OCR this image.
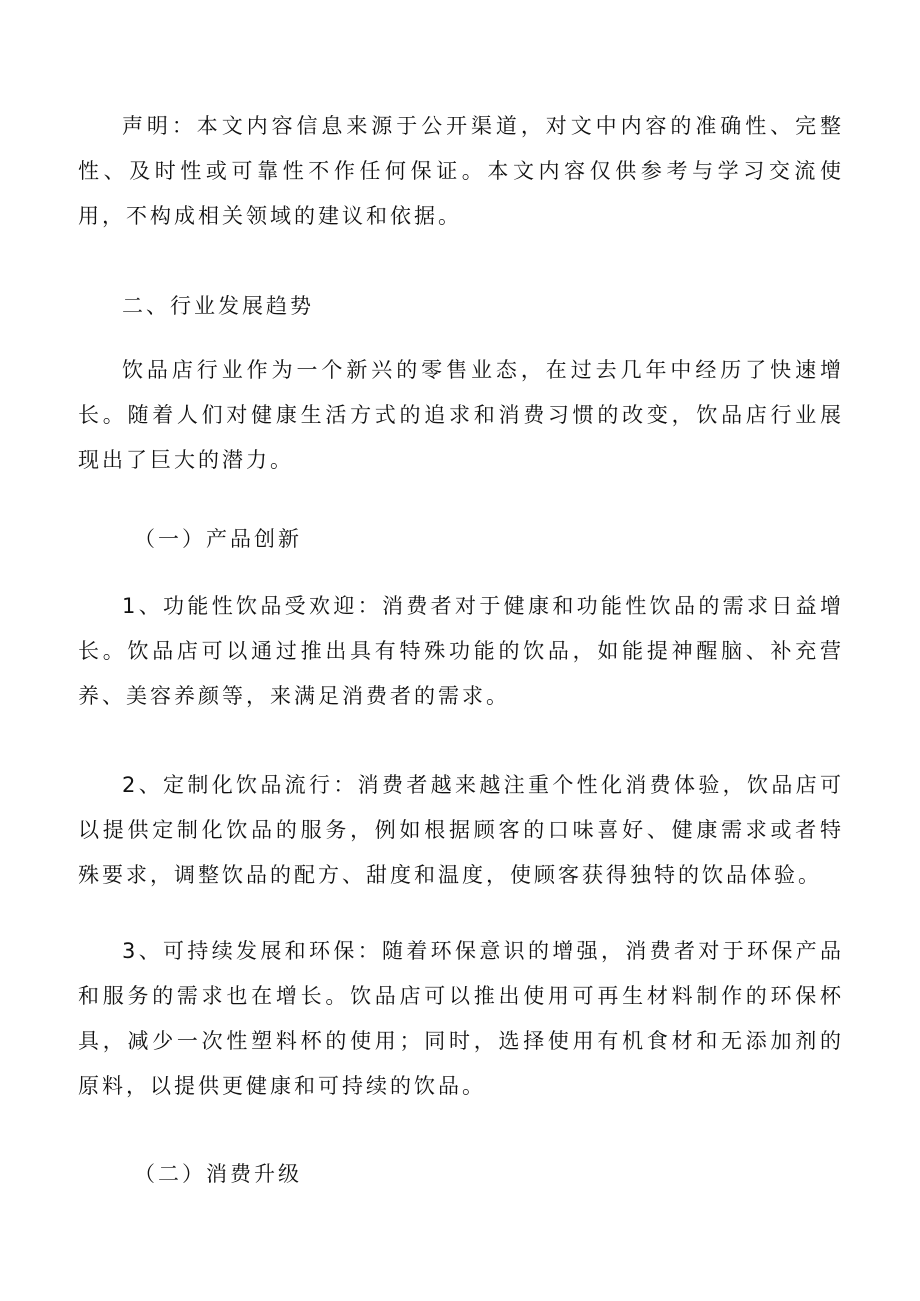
声明：本文内容信息来源于公开渠道，对文中内容的准确性、完整性、及时性或可靠性不作任何保证。本文内容仅供参考与学习交流使用，不构成相关领域的建议和依据。

二、行业发展趋势

饮品店行业作为一个新兴的零售业态，在过去几年中经历了快速增长。随着人们对健康生活方式的追求和消费习惯的改变，饮品店行业展现出了巨大的潜力。

（一）产品创新

1、功能性饮品受欢迎：消费者对于健康和功能性饮品的需求日益增长。饮品店可以通过推出具有特殊功能的饮品，如能提神醒脑、补充营养、美容养颜等，来满足消费者的需求。

2、定制化饮品流行：消费者越来越注重个性化消费体验，饮品店可以提供定制化饮品的服务，例如根据顾客的口味喜好、健康需求或者特殊要求，调整饮品的配方、甜度和温度，使顾客获得独特的饮品体验。

3、可持续发展和环保：随着环保意识的增强，消费者对于环保产品和服务的需求也在增长。饮品店可以推出使用可再生材料制作的环保杯具，减少一次性塑料杯的使用；同时，选择使用有机食材和无添加剂的原料，以提供更健康和可持续的饮品。

（二）消费升级
